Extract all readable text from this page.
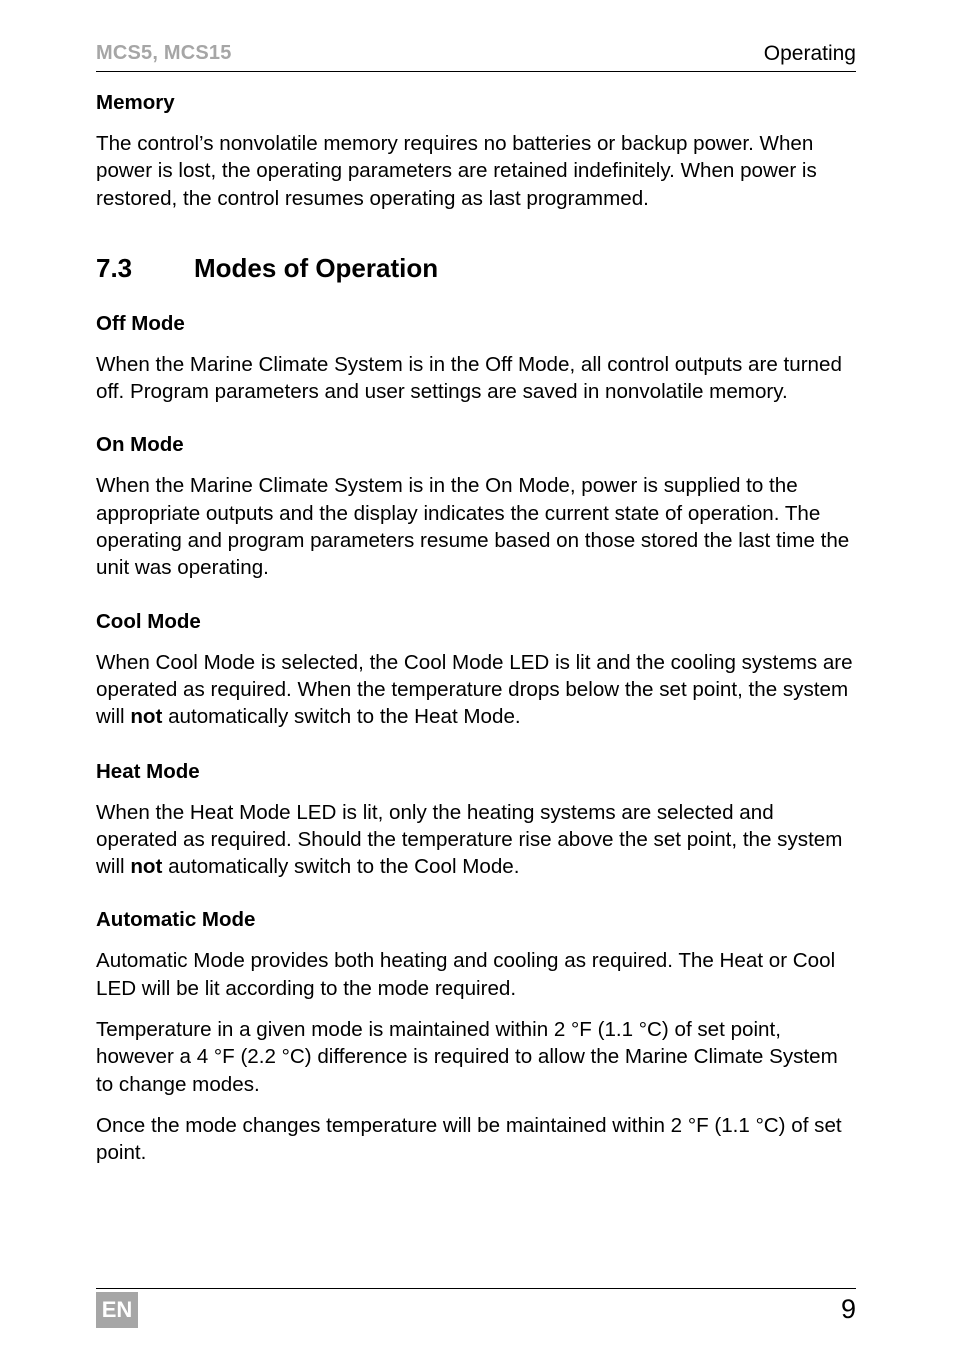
MCS5, MCS15	Operating
Memory

The control’s nonvolatile memory requires no batteries or backup power. When power is lost, the operating parameters are retained indefinitely. When power is restored, the control resumes operating as last programmed.

7.3	Modes of Operation
Off Mode

When the Marine Climate System is in the Off Mode, all control outputs are turned off. Program parameters and user settings are saved in nonvolatile memory.

On Mode

When the Marine Climate System is in the On Mode, power is supplied to the appropriate outputs and the display indicates the current state of operation. The operating and program parameters resume based on those stored the last time the unit was operating.

Cool Mode

When Cool Mode is selected, the Cool Mode LED is lit and the cooling systems are operated as required. When the temperature drops below the set point, the system will not automatically switch to the Heat Mode.

Heat Mode

When the Heat Mode LED is lit, only the heating systems are selected and operated as required. Should the temperature rise above the set point, the system will not automatically switch to the Cool Mode.

Automatic Mode

Automatic Mode provides both heating and cooling as required. The Heat or Cool LED will be lit according to the mode required.

Temperature in a given mode is maintained within 2 °F (1.1 °C) of set point, however a 4 °F (2.2 °C) difference is required to allow the Marine Climate System to change modes.

Once the mode changes temperature will be maintained within 2 °F (1.1 °C) of set point.

EN	9
